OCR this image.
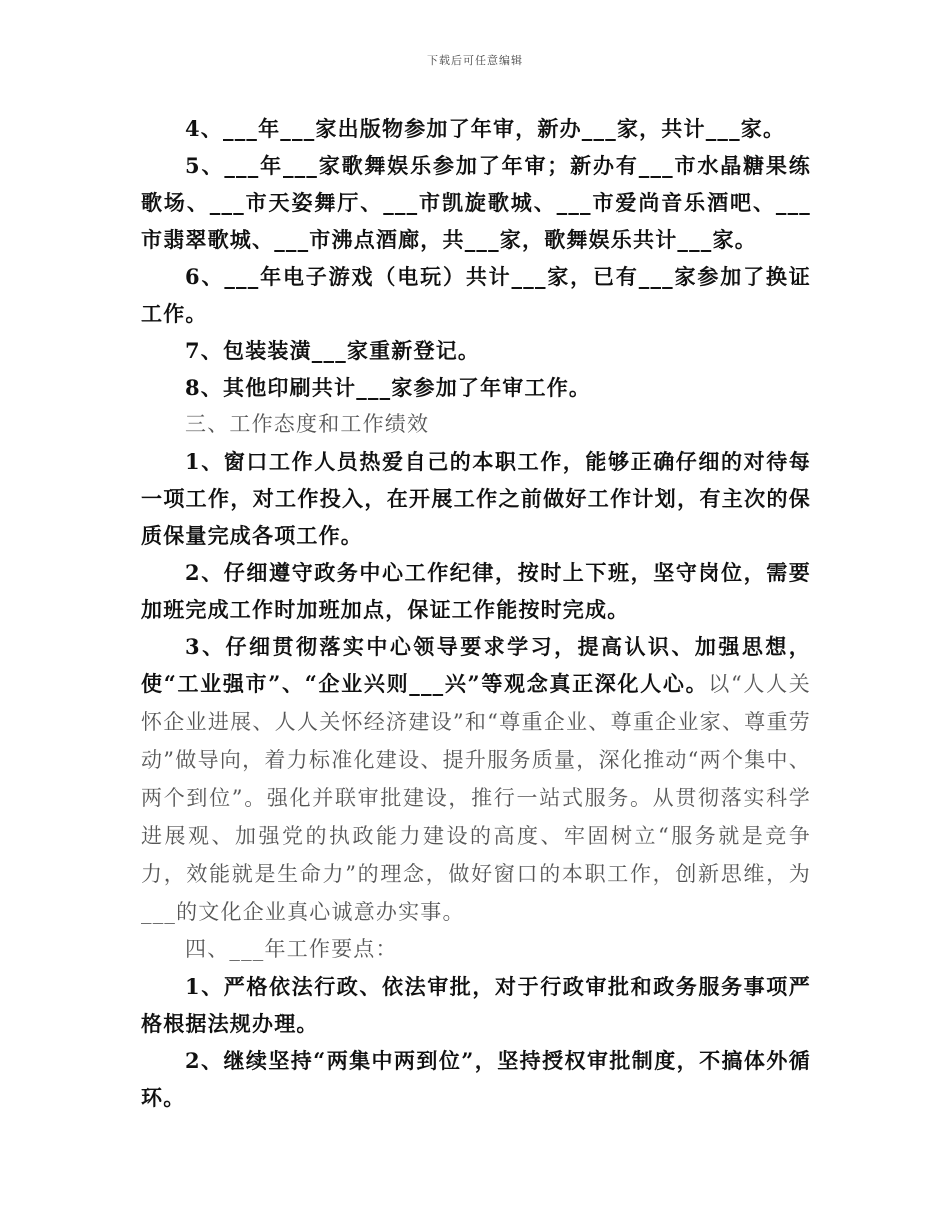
下载后可任意编辑

4、___年___家出版物参加了年审，新办___家，共计___家。

5、___年___家歌舞娱乐参加了年审；新办有___市水晶糖果练歌场、___市天姿舞厅、___市凯旋歌城、___市爱尚音乐酒吧、___市翡翠歌城、___市沸点酒廊，共___家，歌舞娱乐共计___家。

6、___年电子游戏（电玩）共计___家，已有___家参加了换证工作。

7、包装装潢___家重新登记。

8、其他印刷共计___家参加了年审工作。

三、工作态度和工作绩效

1、窗口工作人员热爱自己的本职工作，能够正确仔细的对待每一项工作，对工作投入，在开展工作之前做好工作计划，有主次的保质保量完成各项工作。

2、仔细遵守政务中心工作纪律，按时上下班，坚守岗位，需要加班完成工作时加班加点，保证工作能按时完成。

3、仔细贯彻落实中心领导要求学习，提高认识、加强思想，使“工业强市”、“企业兴则___兴”等观念真正深化人心。以“人人关怀企业进展、人人关怀经济建设”和“尊重企业、尊重企业家、尊重劳动”做导向，着力标准化建设、提升服务质量，深化推动“两个集中、两个到位”。强化并联审批建设，推行一站式服务。从贯彻落实科学进展观、加强党的执政能力建设的高度、牢固树立“服务就是竞争力，效能就是生命力”的理念，做好窗口的本职工作，创新思维，为___的文化企业真心诚意办实事。

四、___年工作要点：

1、严格依法行政、依法审批，对于行政审批和政务服务事项严格根据法规办理。

2、继续坚持“两集中两到位”，坚持授权审批制度，不搞体外循环。
